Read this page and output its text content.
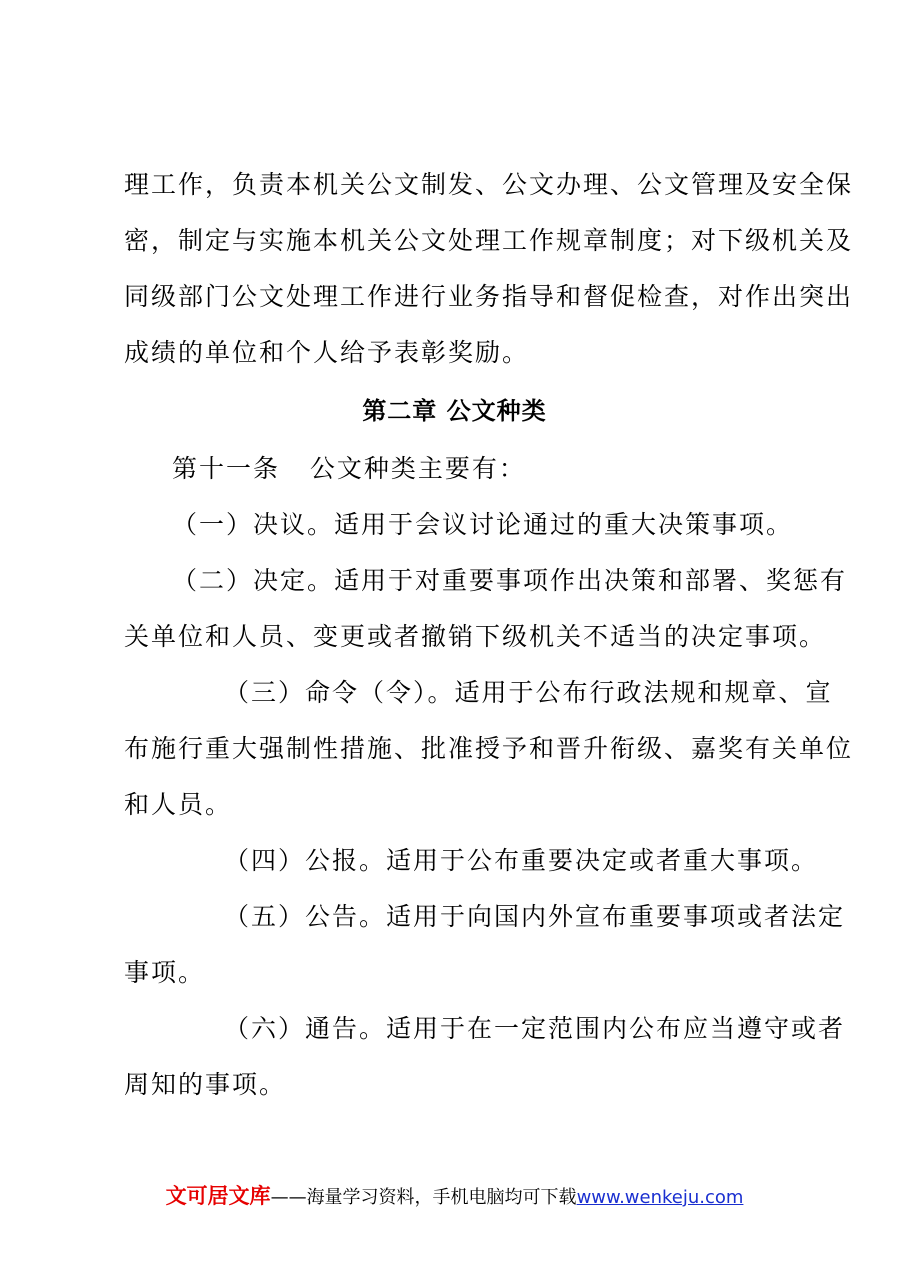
理工作，负责本机关公文制发、公文办理、公文管理及安全保
密，制定与实施本机关公文处理工作规章制度；对下级机关及
同级部门公文处理工作进行业务指导和督促检查，对作出突出
成绩的单位和个人给予表彰奖励。
第二章 公文种类
第十一条   公文种类主要有：
（一）决议。适用于会议讨论通过的重大决策事项。
（二）决定。适用于对重要事项作出决策和部署、奖惩有
关单位和人员、变更或者撤销下级机关不适当的决定事项。
（三）命令（令）。适用于公布行政法规和规章、宣
布施行重大强制性措施、批准授予和晋升衔级、嘉奖有关单位
和人员。
（四）公报。适用于公布重要决定或者重大事项。
（五）公告。适用于向国内外宣布重要事项或者法定
事项。
（六）通告。适用于在一定范围内公布应当遵守或者
周知的事项。
文可居文库——海量学习资料，手机电脑均可下载www.wenkeju.com
